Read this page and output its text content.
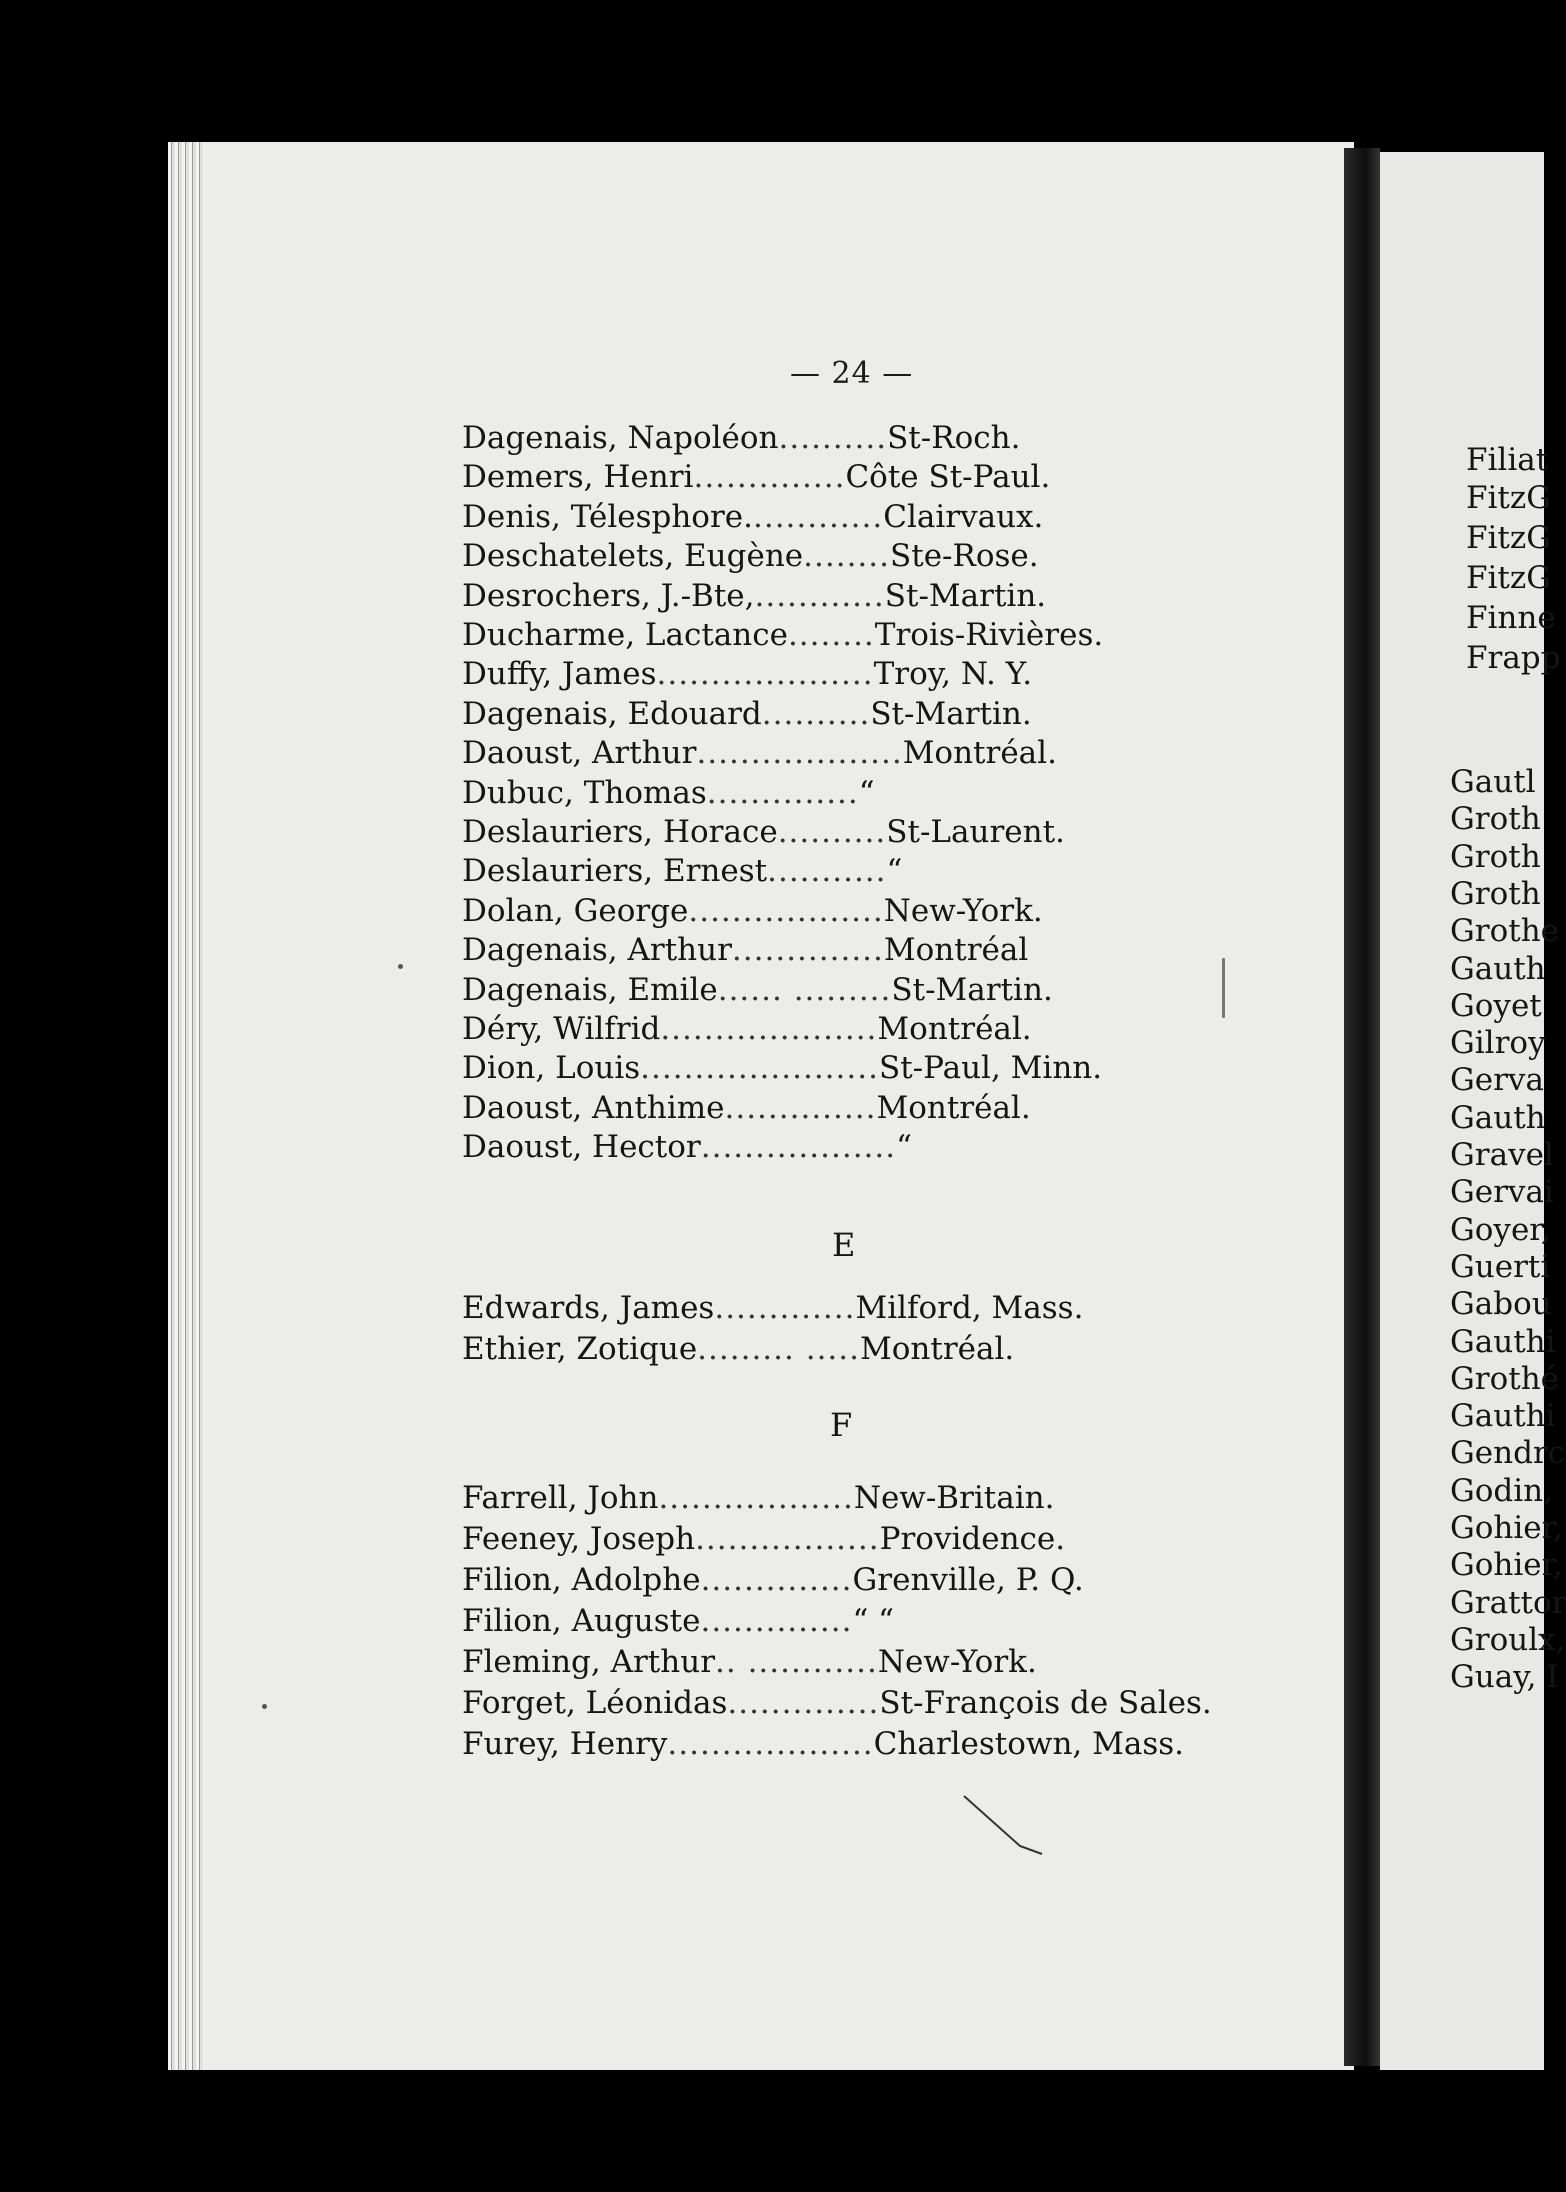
— 24 —
Dagenais, Napoléon..........St-Roch.
Demers, Henri..............Côte St-Paul.
Denis, Télesphore.............Clairvaux.
Deschatelets, Eugène........Ste-Rose.
Desrochers, J.-Bte,............St-Martin.
Ducharme, Lactance........Trois-Rivières.
Duffy, James....................Troy, N. Y.
Dagenais, Edouard..........St-Martin.
Daoust, Arthur...................Montréal.
Dubuc, Thomas..............“
Deslauriers, Horace..........St-Laurent.
Deslauriers, Ernest...........“
Dolan, George..................New-York.
Dagenais, Arthur..............Montréal
Dagenais, Emile...... .........St-Martin.
Déry, Wilfrid....................Montréal.
Dion, Louis......................St-Paul, Minn.
Daoust, Anthime..............Montréal.
Daoust, Hector..................“
E
Edwards, James.............Milford, Mass.
Ethier, Zotique......... .....Montréal.
F
Farrell, John..................New-Britain.
Feeney, Joseph.................Providence.
Filion, Adolphe..............Grenville, P. Q.
Filion, Auguste..............“ “
Fleming, Arthur.. ............New-York.
Forget, Léonidas..............St-François de Sales.
Furey, Henry...................Charlestown, Mass.
Filiat
FitzG
FitzG
FitzG
Finne
Frapp
Gautl
Groth
Groth
Groth
Grothe
Gauth
Goyet
Gilroy
Gerva
Gauth
Gravel
Gervai
Goyer,
Guerti
Gabou
Gauthi
Grothé
Gauthi
Gendrc
Godin,
Gohier,
Gohier,
Grattor
Groulx,
Guay, I
